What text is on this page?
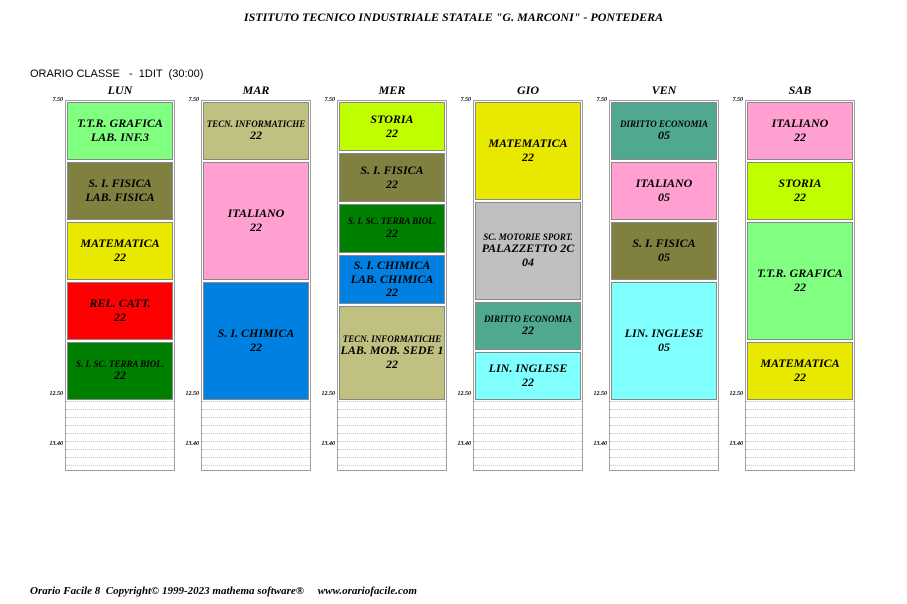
ISTITUTO TECNICO INDUSTRIALE STATALE "G. MARCONI" - PONTEDERA
ORARIO CLASSE   -  1DIT  (30:00)
LUN
7.50
12.50
13.40
T.T.R. GRAFICA
LAB. INF.3
S. I. FISICA
LAB. FISICA
MATEMATICA
22
REL. CATT.
22
S. I. SC. TERRA BIOL.
22
MAR
7.50
12.50
13.40
TECN. INFORMATICHE
22
ITALIANO
22
S. I. CHIMICA
22
MER
7.50
12.50
13.40
STORIA
22
S. I. FISICA
22
S. I. SC. TERRA BIOL.
22
S. I. CHIMICA
LAB. CHIMICA
22
TECN. INFORMATICHE
LAB. MOB. SEDE 1
22
GIO
7.50
12.50
13.40
MATEMATICA
22
SC. MOTORIE SPORT.
PALAZZETTO 2C
04
DIRITTO ECONOMIA
22
LIN. INGLESE
22
VEN
7.50
12.50
13.40
DIRITTO ECONOMIA
05
ITALIANO
05
S. I. FISICA
05
LIN. INGLESE
05
SAB
7.50
12.50
13.40
ITALIANO
22
STORIA
22
T.T.R. GRAFICA
22
MATEMATICA
22
Orario Facile 8  Copyright© 1999-2023 mathema software®     www.orariofacile.com
